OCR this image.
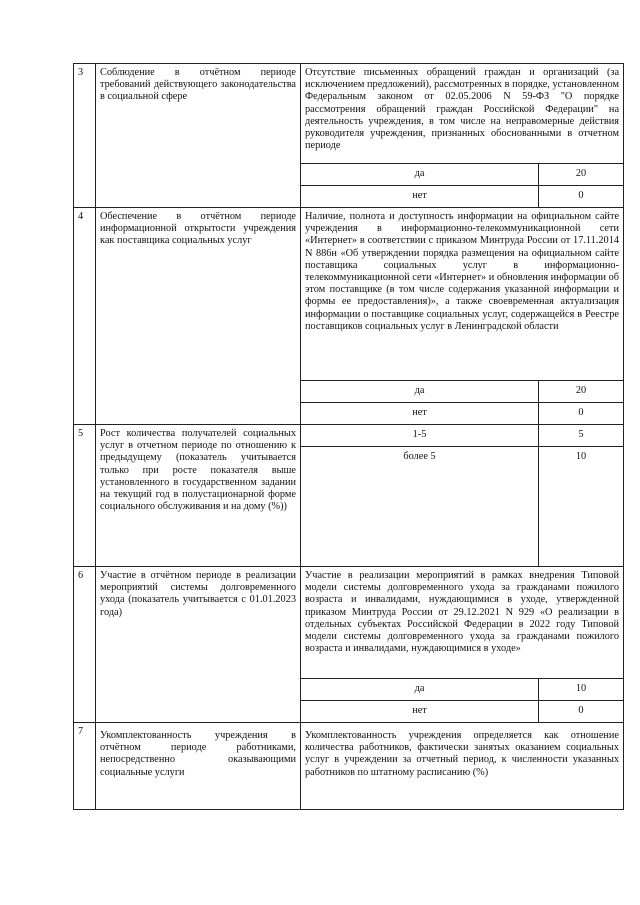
3	Соблюдение в отчётном периоде требований действующего законодательства в социальной сфере	Отсутствие письменных обращений граждан и организаций (за исключением предложений), рассмотренных в порядке, установленном Федеральным законом от 02.05.2006 N 59-ФЗ "О порядке рассмотрения обращений граждан Российской Федерации" на деятельность учреждения, в том числе на неправомерные действия руководителя учреждения, признанных обоснованными в отчетном периоде	
		да	20
		нет	0
4	Обеспечение в отчётном периоде информационной открытости учреждения как поставщика социальных услуг	Наличие, полнота и доступность информации на официальном сайте учреждения в информационно-телекоммуникационной сети «Интернет» в соответствии с приказом Минтруда России от 17.11.2014 N 886н «Об утверждении порядка размещения на официальном сайте поставщика социальных услуг в информационно-телекоммуникационной сети «Интернет» и обновления информации об этом поставщике (в том числе содержания указанной информации и формы ее предоставления)», а также своевременная актуализация информации о поставщике социальных услуг, содержащейся в Реестре поставщиков социальных услуг в Ленинградской области	
		да	20
		нет	0
5	Рост количества получателей социальных услуг в отчетном периоде по отношению к предыдущему (показатель учитывается только при росте показателя выше установленного в государственном задании на текущий год в полустационарной форме социального обслуживания и на дому (%))	1-5	5
		более 5	10
6	Участие в отчётном периоде в реализации мероприятий системы долговременного ухода (показатель учитывается с 01.01.2023 года)	Участие в реализации мероприятий в рамках внедрения Типовой модели системы долговременного ухода за гражданами пожилого возраста и инвалидами, нуждающимися в уходе, утвержденной приказом Минтруда России от 29.12.2021 N 929 «О реализации в отдельных субъектах Российской Федерации в 2022 году Типовой модели системы долговременного ухода за гражданами пожилого возраста и инвалидами, нуждающимися в уходе»	
		да	10
		нет	0
7	Укомплектованность учреждения в отчётном периоде работниками, непосредственно оказывающими социальные услуги	Укомплектованность учреждения определяется как отношение количества работников, фактически занятых оказанием социальных услуг в учреждении за отчетный период, к численности указанных работников по штатному расписанию (%)	
